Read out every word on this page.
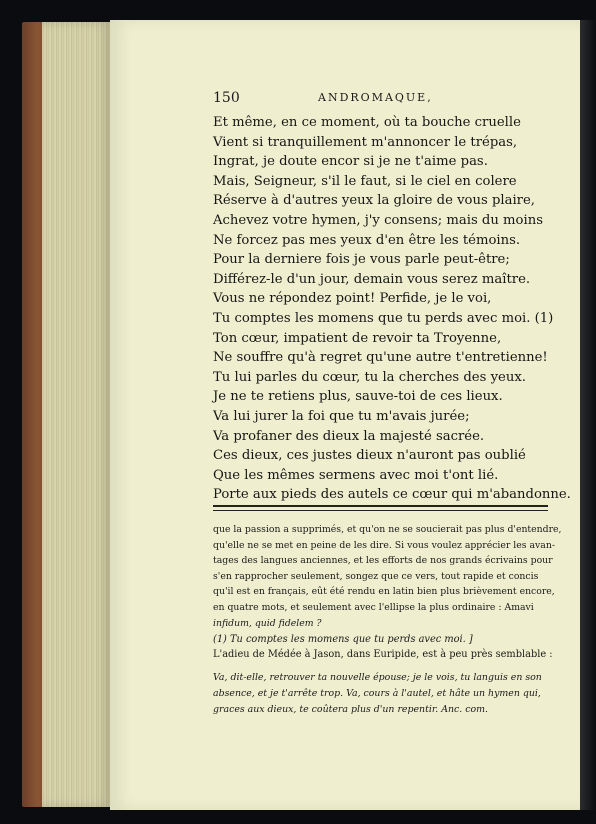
150	ANDROMAQUE,
Et même, en ce moment, où ta bouche cruelle
Vient si tranquillement m'annoncer le trépas,
Ingrat, je doute encor si je ne t'aime pas.
Mais, Seigneur, s'il le faut, si le ciel en colere
Réserve à d'autres yeux la gloire de vous plaire,
Achevez votre hymen, j'y consens; mais du moins
Ne forcez pas mes yeux d'en être les témoins.
Pour la derniere fois je vous parle peut-être;
Différez-le d'un jour, demain vous serez maître.
Vous ne répondez point! Perfide, je le voi,
Tu comptes les momens que tu perds avec moi. (1)
Ton cœur, impatient de revoir ta Troyenne,
Ne souffre qu'à regret qu'une autre t'entretienne!
Tu lui parles du cœur, tu la cherches des yeux.
Je ne te retiens plus, sauve-toi de ces lieux.
Va lui jurer la foi que tu m'avais jurée;
Va profaner des dieux la majesté sacrée.
Ces dieux, ces justes dieux n'auront pas oublié
Que les mêmes sermens avec moi t'ont lié.
Porte aux pieds des autels ce cœur qui m'abandonne.

que la passion a supprimés, et qu'on ne se soucierait pas plus d'entendre,

qu'elle ne se met en peine de les dire. Si vous voulez apprécier les avan-

tages des langues anciennes, et les efforts de nos grands écrivains pour

s'en rapprocher seulement, songez que ce vers, tout rapide et concis

qu'il est en français, eût été rendu en latin bien plus brièvement encore,

en quatre mots, et seulement avec l'ellipse la plus ordinaire : Amavi

infidum, quid fidelem ?

(1) Tu comptes les momens que tu perds avec moi. ]

L'adieu de Médée à Jason, dans Euripide, est à peu près semblable :

Va, dit-elle, retrouver ta nouvelle épouse; je le vois, tu languis en son

absence, et je t'arrête trop. Va, cours à l'autel, et hâte un hymen qui,

graces aux dieux, te coûtera plus d'un repentir. Anc. com.
